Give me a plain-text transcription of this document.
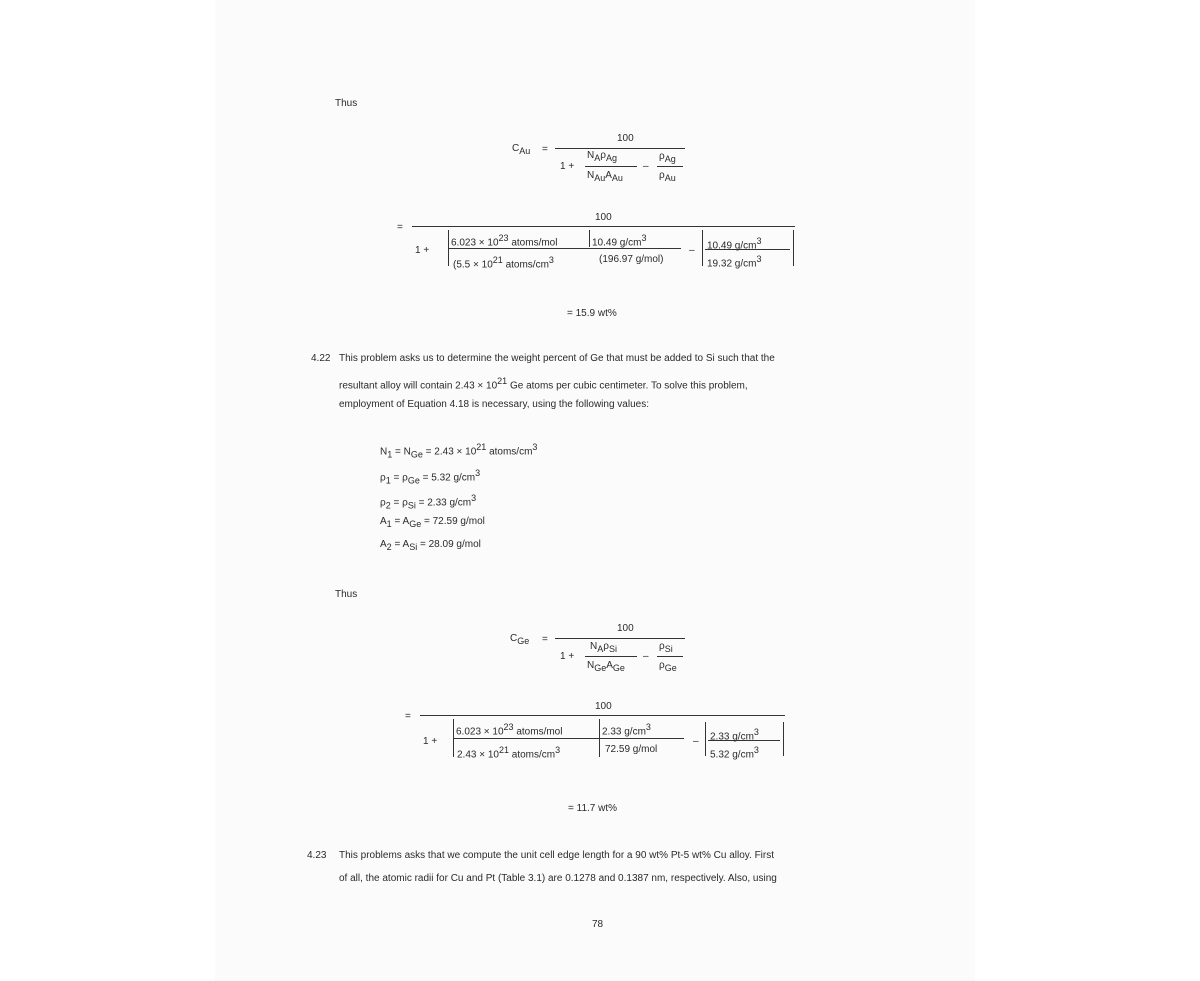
Thus
$C_{Au}$ =
100
1 +
$N_A\rho_{Ag}$
$N_{Au}A_{Au}$
–
$\rho_{Ag}$
$\rho_{Au}$
=
100
1 +
$6.023 \times 10^{23}$ atoms/mol	10.49 $g/cm^3$
($5.5 \times 10^{21}$ atoms/$cm^3$	(196.97 g/mol)
– 10.49 $g/cm^3$
19.32 $g/cm^3$
= 15.9 wt%
4.22 This problem asks us to determine the weight percent of Ge that must be added to Si such that the
resultant alloy will contain $2.43 \times 10^{21}$ Ge atoms per cubic centimeter. To solve this problem,
employment of Equation 4.18 is necessary, using the following values:
$N_1 = N_{Ge} = 2.43 \times 10^{21}$ atoms/$cm^3$
$\rho_1 = \rho_{Ge} = 5.32$ $g/cm^3$
$\rho_2 = \rho_{Si} = 2.33$ $g/cm^3$
$A_1 = A_{Ge} = 72.59$ g/mol
$A_2 = A_{Si} = 28.09$ g/mol
Thus
$C_{Ge}$ =
100
1 +
$N_A\rho_{Si}$
$N_{Ge}A_{Ge}$
–
$\rho_{Si}$
$\rho_{Ge}$
=
100
1 +
$6.023 \times 10^{23}$ atoms/mol	2.33 $g/cm^3$
$2.43 \times 10^{21}$ atoms/$cm^3$	72.59 g/mol
– 2.33 $g/cm^3$
5.32 $g/cm^3$
= 11.7 wt%
4.23 This problems asks that we compute the unit cell edge length for a 90 wt% Pt-5 wt% Cu alloy. First
of all, the atomic radii for Cu and Pt (Table 3.1) are 0.1278 and 0.1387 nm, respectively. Also, using
78
